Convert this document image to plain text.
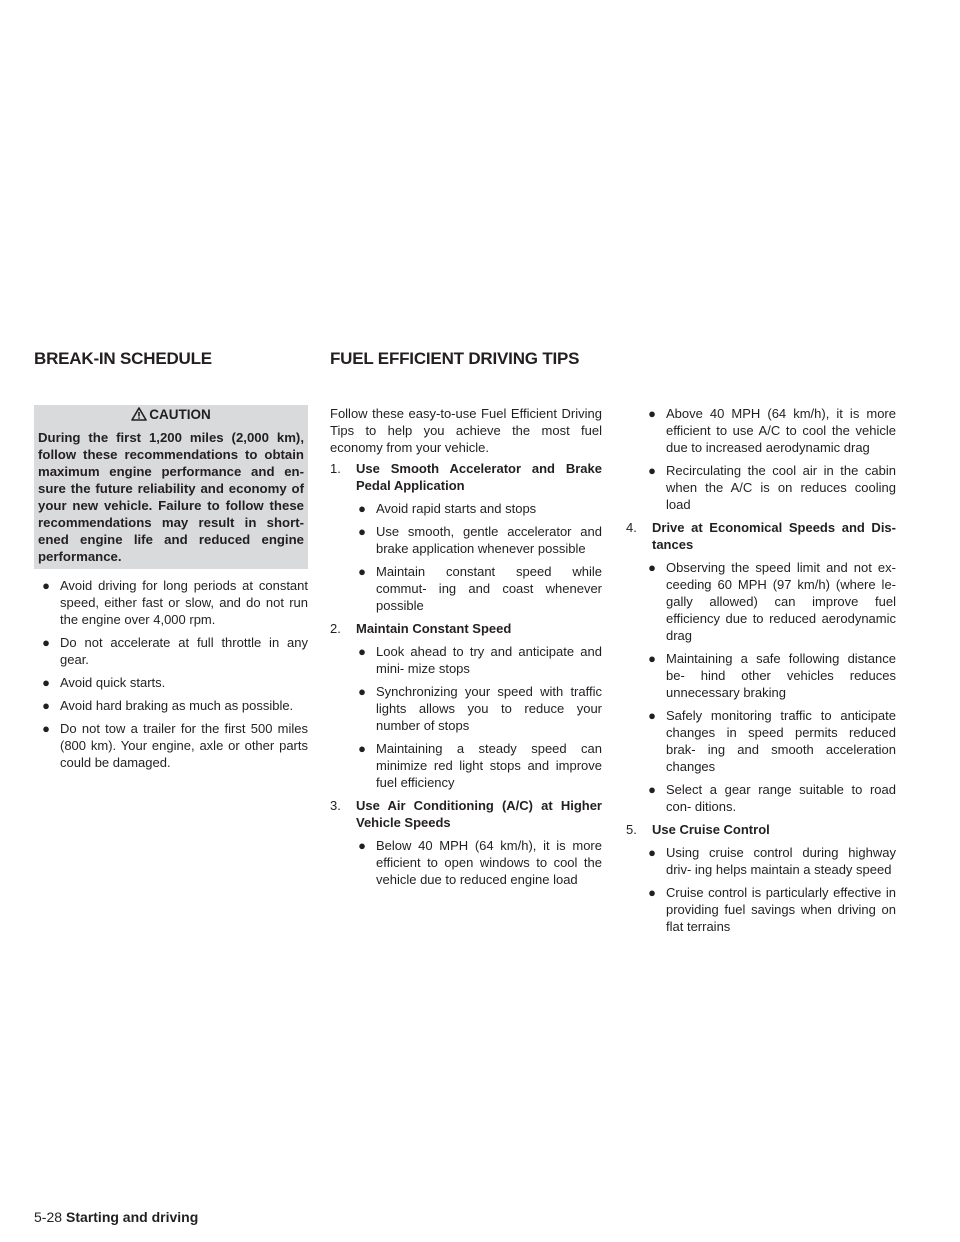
BREAK-IN SCHEDULE	FUEL EFFICIENT DRIVING TIPS
CAUTION
During the first 1,200 miles (2,000 km), follow these recommendations to obtain maximum engine performance and en- sure the future reliability and economy of your new vehicle. Failure to follow these recommendations may result in short- ened engine life and reduced engine performance.
● Avoid driving for long periods at constant speed, either fast or slow, and do not run the engine over 4,000 rpm.
● Do not accelerate at full throttle in any gear.
● Avoid quick starts.
● Avoid hard braking as much as possible.
● Do not tow a trailer for the first 500 miles (800 km). Your engine, axle or other parts could be damaged.
Follow these easy-to-use Fuel Efficient Driving Tips to help you achieve the most fuel economy from your vehicle.
1. Use Smooth Accelerator and Brake Pedal Application
● Avoid rapid starts and stops
● Use smooth, gentle accelerator and brake application whenever possible
● Maintain constant speed while commut- ing and coast whenever possible
2. Maintain Constant Speed
● Look ahead to try and anticipate and mini- mize stops
● Synchronizing your speed with traffic lights allows you to reduce your number of stops
● Maintaining a steady speed can minimize red light stops and improve fuel efficiency
3. Use Air Conditioning (A/C) at Higher Vehicle Speeds
● Below 40 MPH (64 km/h), it is more efficient to open windows to cool the vehicle due to reduced engine load
● Above 40 MPH (64 km/h), it is more efficient to use A/C to cool the vehicle due to increased aerodynamic drag
● Recirculating the cool air in the cabin when the A/C is on reduces cooling load
4. Drive at Economical Speeds and Dis- tances
● Observing the speed limit and not ex- ceeding 60 MPH (97 km/h) (where le- gally allowed) can improve fuel efficiency due to reduced aerodynamic drag
● Maintaining a safe following distance be- hind other vehicles reduces unnecessary braking
● Safely monitoring traffic to anticipate changes in speed permits reduced brak- ing and smooth acceleration changes
● Select a gear range suitable to road con- ditions.
5. Use Cruise Control
● Using cruise control during highway driv- ing helps maintain a steady speed
● Cruise control is particularly effective in providing fuel savings when driving on flat terrains
5-28 Starting and driving
